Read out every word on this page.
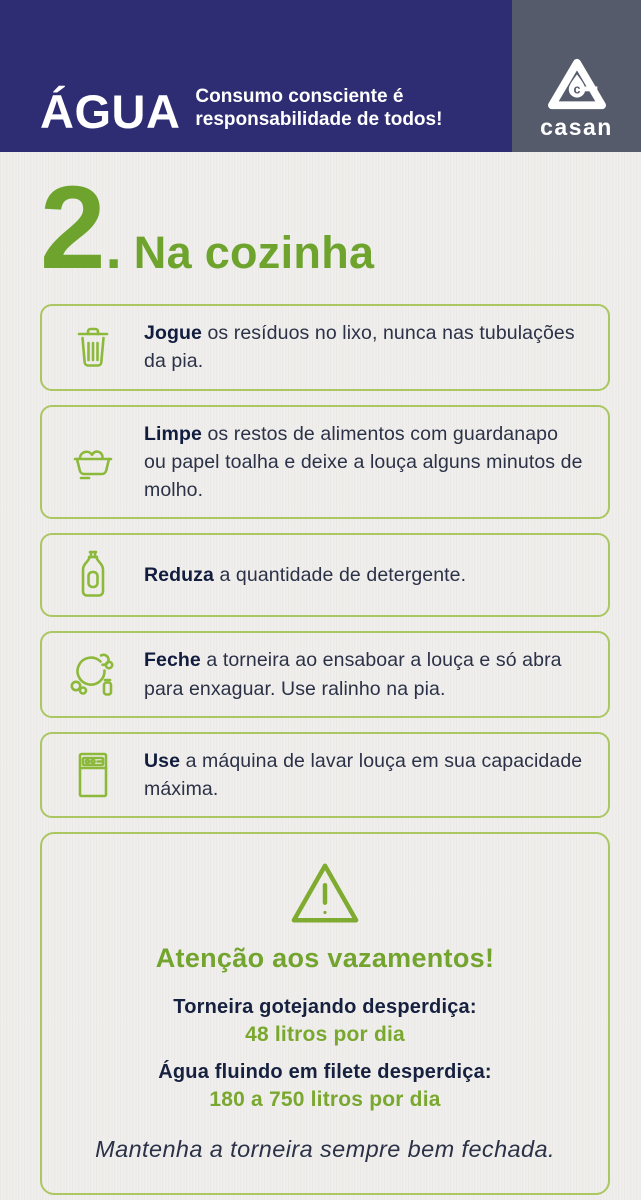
ÁGUA Consumo consciente é
responsabilidade de todos!

c
casan
2 . Na cozinha

Jogue os resíduos no lixo, nunca nas tubulações da pia.

Limpe os restos de alimentos com guardanapo ou papel toalha e deixe a louça alguns minutos de molho.

Reduza a quantidade de detergente.

Feche a torneira ao ensaboar a louça e só abra para enxaguar. Use ralinho na pia.

Use a máquina de lavar louça em sua capacidade máxima.

Atenção aos vazamentos!
Torneira gotejando desperdiça:
48 litros por dia
Água fluindo em filete desperdiça:
180 a 750 litros por dia

Mantenha a torneira sempre bem fechada.
